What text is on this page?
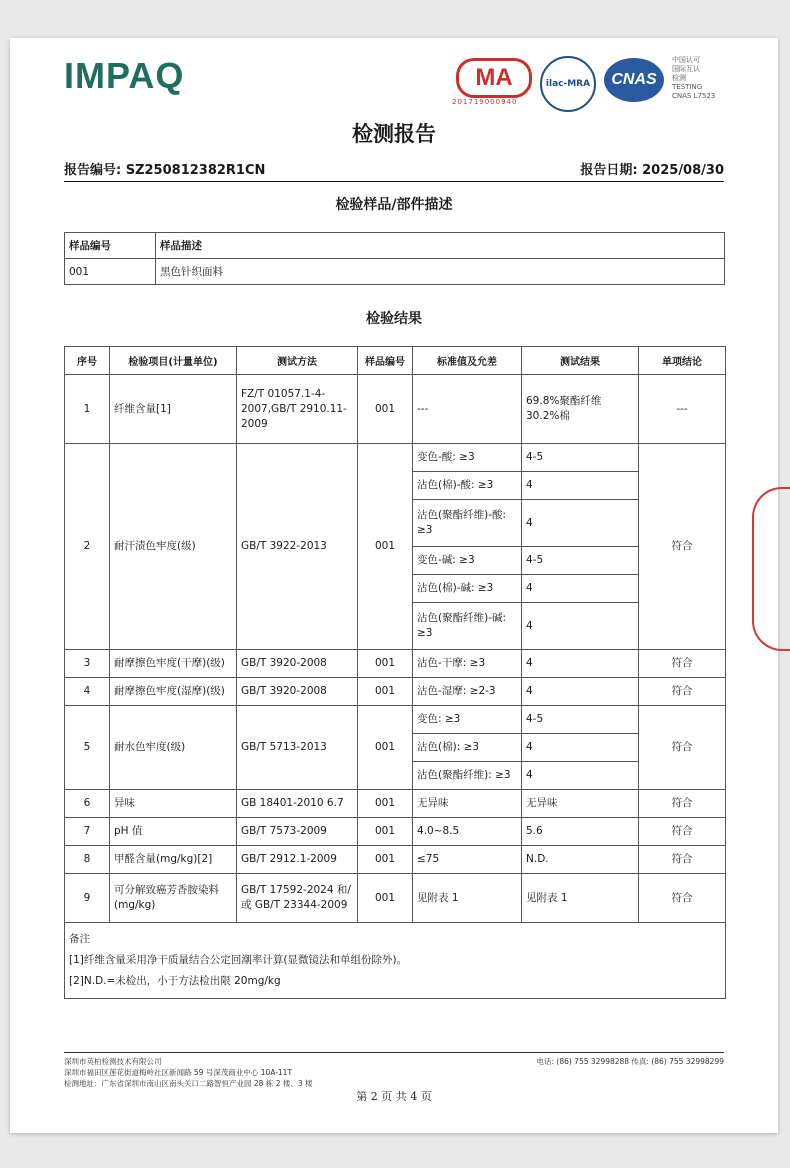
IMPAQ	MA
201719000940
ilac-MRA	CNAS
中国认可
国际互认
检测
TESTING
CNAS L7523
检测报告
报告编号: SZ250812382R1CN	报告日期: 2025/08/30
检验样品/部件描述
样品编号	样品描述
001	黑色针织面料
检验结果
序号	检验项目(计量单位)	测试方法	样品编号	标准值及允差	测试结果	单项结论
1	纤维含量[1]	FZ/T 01057.1-4-2007,GB/T 2910.11-2009	001	---	69.8%聚酯纤维 30.2%棉	---
2	耐汗渍色牢度(级)	GB/T 3922-2013	001	变色-酸: ≥3	4-5	符合
				沾色(棉)-酸: ≥3	4	
				沾色(聚酯纤维)-酸: ≥3	4	
				变色-碱: ≥3	4-5	
				沾色(棉)-碱: ≥3	4	
				沾色(聚酯纤维)-碱: ≥3	4	
3	耐摩擦色牢度(干摩)(级)	GB/T 3920-2008	001	沾色-干摩: ≥3	4	符合
4	耐摩擦色牢度(湿摩)(级)	GB/T 3920-2008	001	沾色-湿摩: ≥2-3	4	符合
5	耐水色牢度(级)	GB/T 5713-2013	001	变色: ≥3	4-5	符合
				沾色(棉): ≥3	4	
				沾色(聚酯纤维): ≥3	4	
6	异味	GB 18401-2010 6.7	001	无异味	无异味	符合
7	pH 值	GB/T 7573-2009	001	4.0~8.5	5.6	符合
8	甲醛含量(mg/kg)[2]	GB/T 2912.1-2009	001	≤75	N.D.	符合
9	可分解致癌芳香胺染料(mg/kg)	GB/T 17592-2024 和/或 GB/T 23344-2009	001	见附表 1	见附表 1	符合

备注
[1]纤维含量采用净干质量结合公定回潮率计算(显微镜法和单组份除外)。
[2]N.D.=未检出，小于方法检出限 20mg/kg						
深圳市英柏检测技术有限公司
深圳市福田区莲花街道梅岭社区新闻路 59 号深茂商业中心 10A-11T
检测地址：广东省深圳市南山区南头关口二路智恒产业园 28 栋 2 楼、3 楼
电话: (86) 755 32998288 传真: (86) 755 32998299
第 2 页 共 4 页
